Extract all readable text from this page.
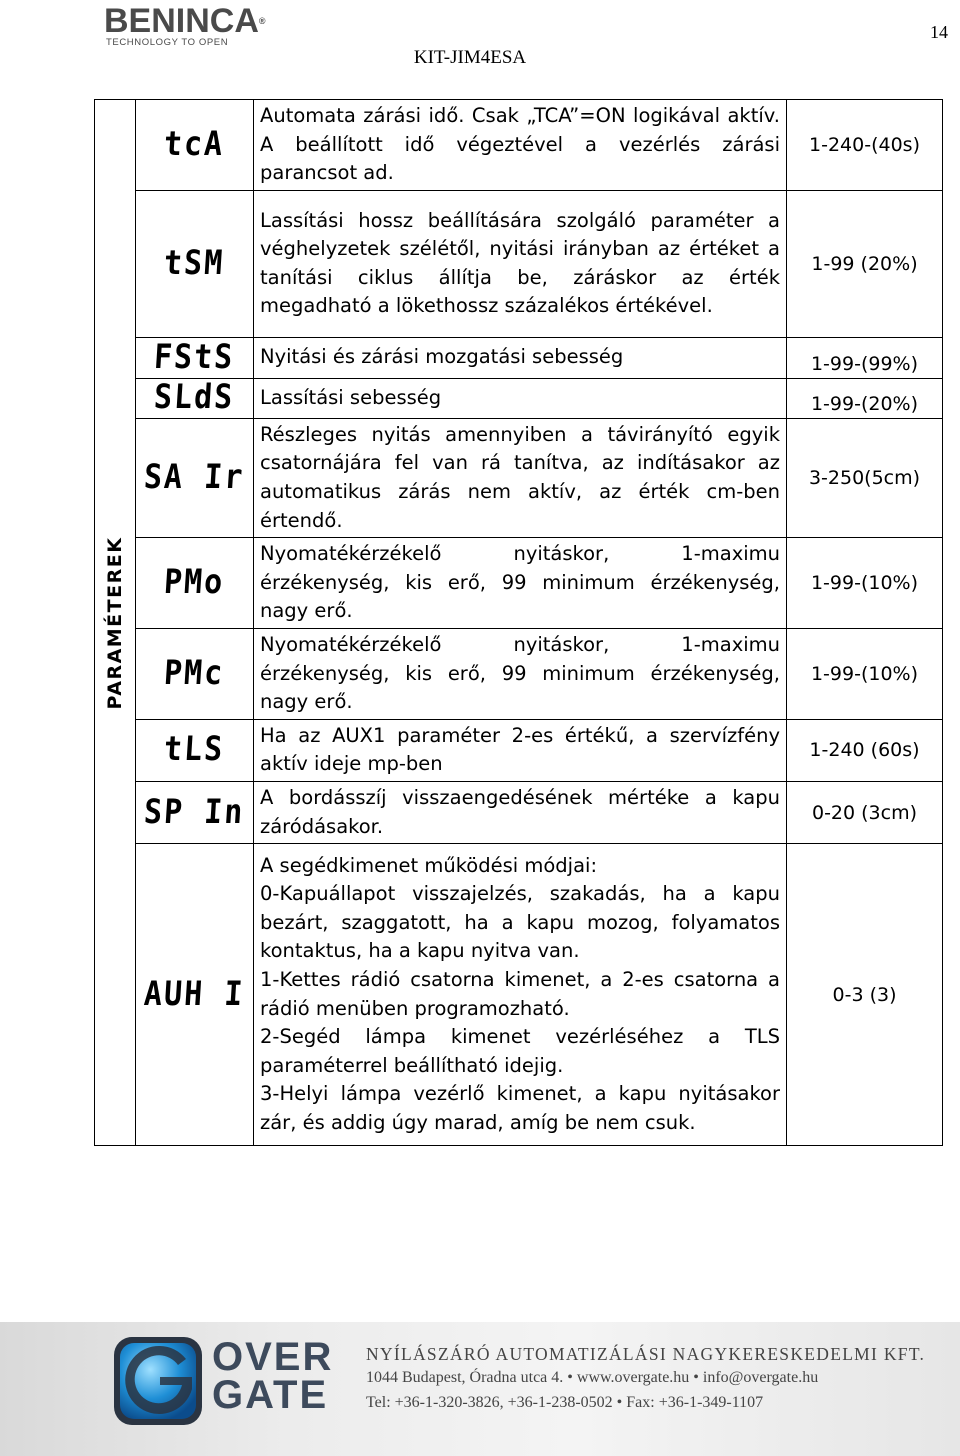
BENINCA®
TECHNOLOGY TO OPEN
14
KIT-JIM4ESA
PARAMÉTEREK	tcA	Automata zárási idő. Csak „TCA”=ON logikával aktív. A beállított idő végeztével a vezérlés zárási parancsot ad.	1-240-(40s)
	tSM	Lassítási hossz beállítására szolgáló paraméter a véghelyzetek szélétől, nyitási irányban az értéket a tanítási ciklus állítja be, záráskor az érték megadható a lökethossz százalékos értékével.	1-99 (20%)
	FStS	Nyitási és zárási mozgatási sebesség	1-99-(99%)
	SLdS	Lassítási sebesség	1-99-(20%)
	SA Ir	Részleges nyitás amennyiben a távirányító egyik csatornájára fel van rá tanítva, az indításakor az automatikus zárás nem aktív, az érték cm-ben értendő.	3-250(5cm)
	PMo	Nyomatékérzékelő nyitáskor, 1-maximu érzékenység, kis erő, 99 minimum érzékenység, nagy erő.	1-99-(10%)
	PMc	Nyomatékérzékelő nyitáskor, 1-maximu érzékenység, kis erő, 99 minimum érzékenység, nagy erő.	1-99-(10%)
	tLS	Ha az AUX1 paraméter 2-es értékű, a szervízfény aktív ideje mp-ben	1-240 (60s)
	SP In	A bordásszíj visszaengedésének mértéke a kapu záródásakor.	0-20 (3cm)
	AUH I	A segédkimenet működési módjai:
0-Kapuállapot visszajelzés, szakadás, ha a kapu bezárt, szaggatott, ha a kapu mozog, folyamatos kontaktus, ha a kapu nyitva van.
1-Kettes rádió csatorna kimenet, a 2-es csatorna a rádió menüben programozható.
2-Segéd lámpa kimenet vezérléséhez a TLS paraméterrel beállítható idejig.
3-Helyi lámpa vezérlő kimenet, a kapu nyitásakor zár, és addig úgy marad, amíg be nem csuk.	0-3 (3)
OVER
GATE
NYÍLÁSZÁRÓ AUTOMATIZÁLÁSI NAGYKERESKEDELMI KFT.
1044 Budapest, Óradna utca 4. • www.overgate.hu • info@overgate.hu
Tel: +36-1-320-3826, +36-1-238-0502 • Fax: +36-1-349-1107
